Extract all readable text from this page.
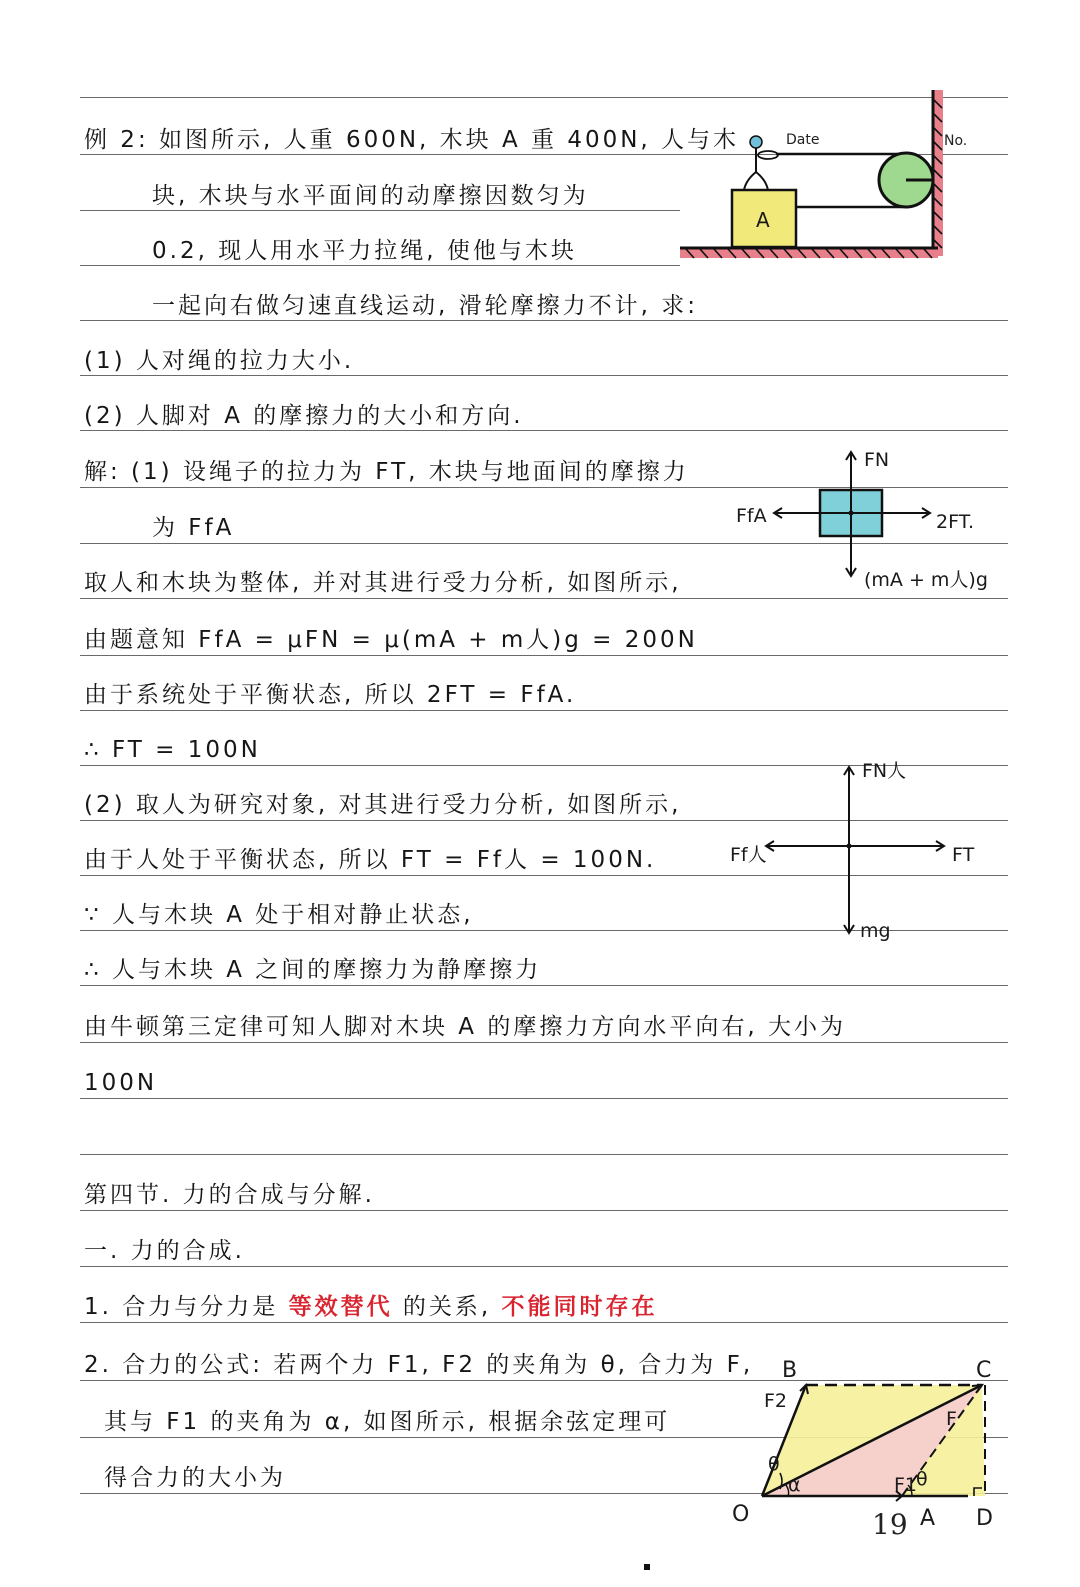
Date	No.
例 2: 如图所示, 人重 600N, 木块 A 重 400N, 人与木
块, 木块与水平面间的动摩擦因数匀为
0.2, 现人用水平力拉绳, 使他与木块
一起向右做匀速直线运动, 滑轮摩擦力不计, 求:
(1) 人对绳的拉力大小.
(2) 人脚对 A 的摩擦力的大小和方向.
解: (1) 设绳子的拉力为 FT, 木块与地面间的摩擦力
为 FfA
取人和木块为整体, 并对其进行受力分析, 如图所示,
由题意知 FfA = μFN = μ(mA + m人)g = 200N
由于系统处于平衡状态, 所以 2FT = FfA.
∴ FT = 100N
(2) 取人为研究对象, 对其进行受力分析, 如图所示,
由于人处于平衡状态, 所以 FT = Ff人 = 100N.
∵ 人与木块 A 处于相对静止状态,
∴ 人与木块 A 之间的摩擦力为静摩擦力
由牛顿第三定律可知人脚对木块 A 的摩擦力方向水平向右, 大小为
100N
第四节. 力的合成与分解.
一. 力的合成.
1. 合力与分力是 等效替代 的关系, 不能同时存在
2. 合力的公式: 若两个力 F1, F2 的夹角为 θ, 合力为 F,
其与 F1 的夹角为 α, 如图所示, 根据余弦定理可
得合力的大小为
A
FN
FfA	2FT.
(mA + m人)g
FN人
Ff人	FT
mg
O	A
B	C
D
F2
F
F1
θ
α	θ
19
